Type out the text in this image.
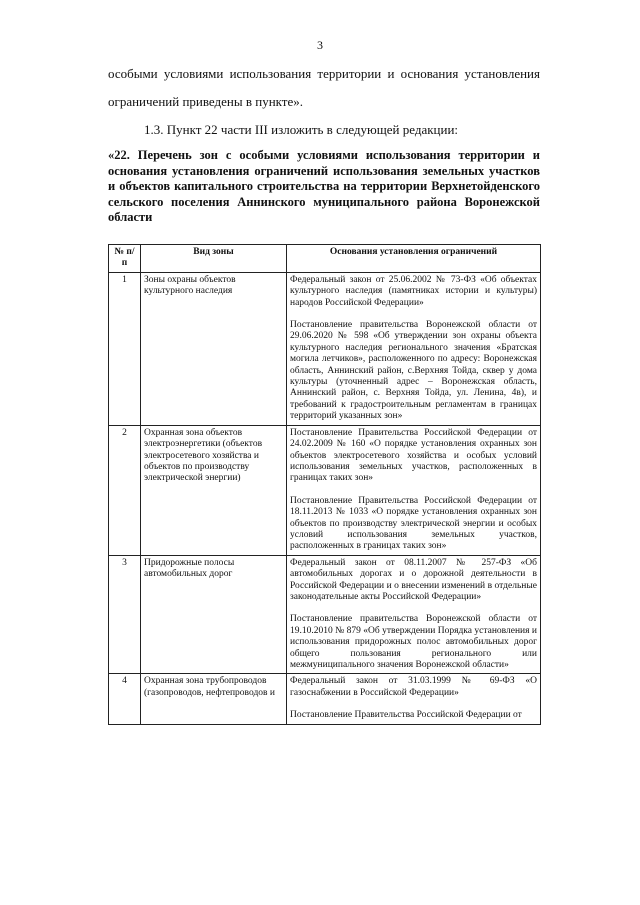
3

особыми условиями использования территории и основания установления

ограничений приведены в пункте».

1.3. Пункт 22 части III изложить в следующей редакции:

«22. Перечень зон с особыми условиями использования территории и основания установления ограничений использования земельных участков и объектов капитального строительства на территории Верхнетойденского сельского поселения Аннинского муниципального района Воронежской области

№ п/п	Вид зоны	Основания установления ограничений
1	Зоны охраны объектов культурного наследия	Федеральный закон от 25.06.2002 № 73-ФЗ «Об объектах культурного наследия (памятниках истории и культуры) народов Российской Федерации»

Постановление правительства Воронежской области от 29.06.2020 № 598 «Об утверждении зон охраны объекта культурного наследия регионального значения «Братская могила летчиков», расположенного по адресу: Воронежская область, Аннинский район, с.Верхняя Тойда, сквер у дома культуры (уточненный адрес – Воронежская область, Аннинский район, с. Верхняя Тойда, ул. Ленина, 4в), и требований к градостроительным регламентам в границах территорий указанных зон»

2	Охранная зона объектов электроэнергетики (объектов электросетевого хозяйства и объектов по производству электрической энергии)	Постановление Правительства Российской Федерации от 24.02.2009 № 160 «О порядке установления охранных зон объектов электросетевого хозяйства и особых условий использования земельных участков, расположенных в границах таких зон»

Постановление Правительства Российской Федерации от 18.11.2013 № 1033 «О порядке установления охранных зон объектов по производству электрической энергии и особых условий использования земельных участков, расположенных в границах таких зон»

3	Придорожные полосы автомобильных дорог	Федеральный закон от 08.11.2007 № 257-ФЗ «Об автомобильных дорогах и о дорожной деятельности в Российской Федерации и о внесении изменений в отдельные законодательные акты Российской Федерации»

Постановление правительства Воронежской области от 19.10.2010 № 879 «Об утверждении Порядка установления и использования придорожных полос автомобильных дорог общего пользования регионального или межмуниципального значения Воронежской области»

4	Охранная зона трубопроводов (газопроводов, нефтепроводов и	Федеральный закон от 31.03.1999 № 69-ФЗ «О газоснабжении в Российской Федерации»

Постановление Правительства Российской Федерации от
